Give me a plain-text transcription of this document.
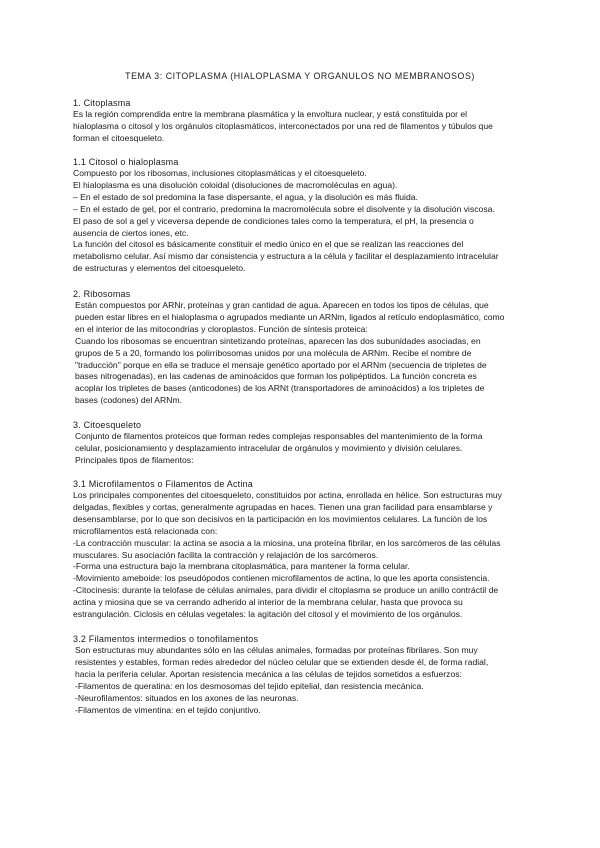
TEMA 3: CITOPLASMA (HIALOPLASMA Y ORGANULOS NO MEMBRANOSOS)
1. Citoplasma

Es la región comprendida entre la membrana plasmática y la envoltura nuclear, y está constituida por el
hialoplasma o citosol y los orgánulos citoplasmáticos, interconectados por una red de filamentos y túbulos que
forman el citoesqueleto.

1.1 Citosol o hialoplasma

Compuesto por los ribosomas, inclusiones citoplasmáticas y el citoesqueleto.
El hialoplasma es una disolución coloidal (disoluciones de macromoléculas en agua).
– En el estado de sol predomina la fase dispersante, el agua, y la disolución es más fluida.
– En el estado de gel, por el contrario, predomina la macromolécula sobre el disolvente y la disolución viscosa.
El paso de sol a gel y viceversa depende de condiciones tales como la temperatura, el pH, la presencia o
ausencia de ciertos iones, etc.
La función del citosol es básicamente constituir el medio único en el que se realizan las reacciones del
metabolismo celular. Así mismo dar consistencia y estructura a la célula y facilitar el desplazamiento intracelular
de estructuras y elementos del citoesqueleto.

2. Ribosomas

Están compuestos por ARNr, proteínas y gran cantidad de agua. Aparecen en todos los tipos de células, que
pueden estar libres en el hialoplasma o agrupados mediante un ARNm, ligados al retículo endoplasmático, como
en el interior de las mitocondrias y cloroplastos. Función de síntesis proteica:
Cuando los ribosomas se encuentran sintetizando proteínas, aparecen las dos subunidades asociadas, en
grupos de 5 a 20, formando los polirribosomas unidos por una molécula de ARNm. Recibe el nombre de
"traducción" porque en ella se traduce el mensaje genético aportado por el ARNm (secuencia de tripletes de
bases nitrogenadas), en las cadenas de aminoácidos que forman los polipéptidos. La función concreta es
acoplar los tripletes de bases (anticodones) de los ARNt (transportadores de aminoácidos) a los tripletes de
bases (codones) del ARNm.

3. Citoesqueleto

Conjunto de filamentos proteicos que forman redes complejas responsables del mantenimiento de la forma
celular, posicionamiento y desplazamiento intracelular de orgánulos y movimiento y división celulares.
Principales tipos de filamentos:

3.1 Microfilamentos o Filamentos de Actina

Los principales componentes del citoesqueleto, constituidos por actina, enrollada en hélice. Son estructuras muy
delgadas, flexibles y cortas, generalmente agrupadas en haces. Tienen una gran facilidad para ensamblarse y
desensamblarse, por lo que son decisivos en la participación en los movimientos celulares. La función de los
microfilamentos está relacionada con:
-La contracción muscular: la actina se asocia a la miosina, una proteína fibrilar, en los sarcómeros de las células
musculares. Su asociación facilita la contracción y relajación de los sarcómeros.
-Forma una estructura bajo la membrana citoplasmática, para mantener la forma celular.
-Movimiento ameboide: los pseudópodos contienen microfilamentos de actina, lo que les aporta consistencia.
-Citocinesis: durante la telofase de células animales, para dividir el citoplasma se produce un anillo contráctil de
actina y miosina que se va cerrando adherido al interior de la membrana celular, hasta que provoca su
estrangulación. Ciclosis en células vegetales: la agitación del citosol y el movimiento de los orgánulos.

3.2 Filamentos intermedios o tonofilamentos

Son estructuras muy abundantes sólo en las células animales, formadas por proteínas fibrilares. Son muy
resistentes y estables, forman redes alrededor del núcleo celular que se extienden desde él, de forma radial,
hacia la periferia celular. Aportan resistencia mecánica a las células de tejidos sometidos a esfuerzos:
-Filamentos de queratina: en los desmosomas del tejido epitelial, dan resistencia mecánica.
-Neurofilamentos: situados en los axones de las neuronas.
-Filamentos de vimentina: en el tejido conjuntivo.
